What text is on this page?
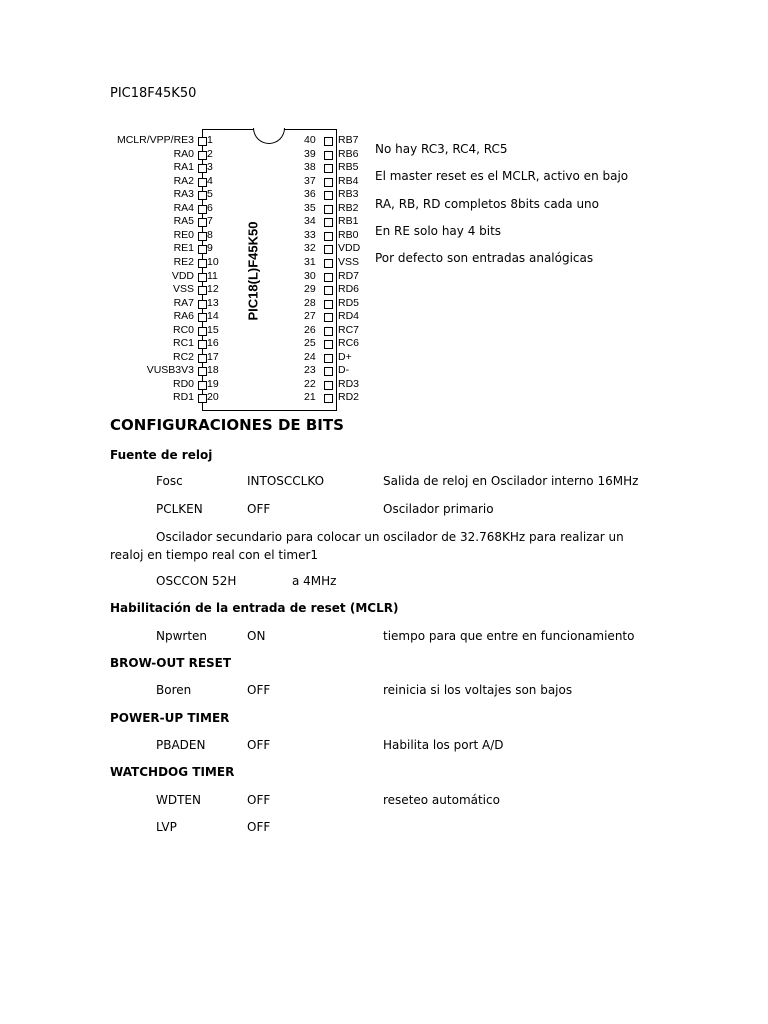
PIC18F45K50
PIC18(L)F45K50
MCLR/VPP/RE3 1
RA0 2
RA1 3
RA2 4
RA3 5
RA4 6
RA5 7
RE0 8
RE1 9
RE2 10
VDD 11
VSS 12
RA7 13
RA6 14
RC0 15
RC1 16
RC2 17
VUSB3V3 18
RD0 19
RD1 20
RB7
40
RB6
39
RB5
38
RB4
37
RB3
36
RB2
35
RB1
34
RB0
33
VDD
32
VSS
31
RD7
30
RD6
29
RD5
28
RD4
27
RC7
26
RC6
25
D+
24
D-
23
RD3
22
RD2
21
No hay RC3, RC4, RC5
El master reset es el MCLR, activo en bajo
RA, RB, RD completos 8bits cada uno
En RE solo hay 4 bits
Por defecto son entradas analógicas
CONFIGURACIONES DE BITS
Fuente de reloj
Fosc	INTOSCCLKO	Salida de reloj en Oscilador interno 16MHz
PCLKEN	OFF	Oscilador primario
Oscilador secundario para colocar un oscilador de 32.768KHz para realizar un realoj en tiempo real con el timer1
OSCCON 52H	a 4MHz
Habilitación de la entrada de reset (MCLR)
Npwrten	ON	tiempo para que entre en funcionamiento
BROW-OUT RESET
Boren	OFF	reinicia si los voltajes son bajos
POWER-UP TIMER
PBADEN	OFF	Habilita los port A/D
WATCHDOG TIMER
WDTEN	OFF	reseteo automático
LVP	OFF
